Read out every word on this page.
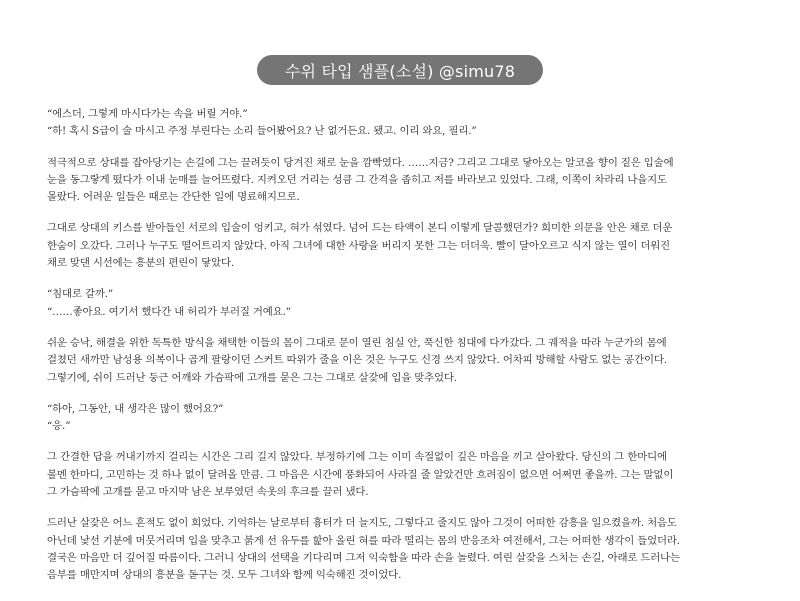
수위 타입 샘플(소설) @simu78
“에스더, 그렇게 마시다가는 속을 버릴 거야.”
“하! 혹시 S급이 술 마시고 주정 부린다는 소리 들어봤어요? 난 없거든요. 됐고. 이리 와요, 필리.”
적극적으로 상대를 잡아당기는 손길에 그는 끌려듯이 당겨진 채로 눈을 깜빡였다. ……지금? 그리고 그대로 닿아오는 알코올 향이 짙은 입술에
눈을 동그랗게 떴다가 이내 눈매를 늘어뜨렸다. 지켜오던 거리는 성큼 그 간격을 좁히고 저를 바라보고 있었다. 그래, 이쪽이 차라리 나을지도
몰랐다. 어려운 일들은 때로는 간단한 일에 명료해지므로.
그대로 상대의 키스를 받아들인 서로의 입술이 엉키고, 혀가 섞였다. 넘어 드는 타액이 본디 이렇게 달콤했던가? 희미한 의문을 안은 채로 더운
한숨이 오갔다. 그러나 누구도 떨어트리지 않았다. 아직 그녀에 대한 사랑을 버리지 못한 그는 더더욱. 빨이 달아오르고 식지 않는 열이 더워진
채로 맞댄 시선에는 흥분의 편린이 닿았다.
“침대로 갈까.”
“……좋아요. 여기서 했다간 내 허리가 부러질 거예요.”
쉬운 승낙, 해결을 위한 독특한 방식을 채택한 이들의 몸이 그대로 문이 열린 침실 안, 푹신한 침대에 다가갔다. 그 궤적을 따라 누군가의 몸에
걸쳤던 새까만 남성용 의복이나 곱게 팔랑이던 스커트 따위가 줄을 이은 것은 누구도 신경 쓰지 않았다. 어차피 방해할 사람도 없는 공간이다.
그렇기에, 쉬이 드러난 둥근 어깨와 가슴팍에 고개를 묻은 그는 그대로 살갗에 입을 맞추었다.
“하아, 그동안, 내 생각은 많이 했어요?”
“응.”
그 간결한 답을 꺼내기까지 걸리는 시간은 그리 길지 않았다. 부정하기에 그는 이미 속절없이 깊은 마음을 끼고 살아왔다. 당신의 그 한마디에
볼멘 한마디, 고민하는 것 하나 없이 달려올 만큼. 그 마음은 시간에 풍화되어 사라질 줄 알았건만 흐려짐이 없으면 어쩌면 좋을까. 그는 말없이
그 가슴팍에 고개를 묻고 마지막 남은 보루였던 속옷의 후크를 끌러 냈다.
드러난 살갗은 어느 흔적도 없이 희었다. 기억하는 날로부터 흉터가 더 늘지도, 그렇다고 줄지도 않아 그것이 어떠한 감흥을 일으켰을까. 처음도
아닌데 낯선 기분에 머뭇거리며 입을 맞추고 붉게 선 유두를 핥아 올린 혀를 따라 떨리는 몸의 반응조차 여전해서, 그는 어떠한 생각이 들었더라.
결국은 마음만 더 깊어질 따름이다. 그러니 상대의 선택을 기다리며 그저 익숙함을 따라 손을 놀렸다. 여린 살갗을 스치는 손길, 아래로 드러나는
음부를 매만지며 상대의 흥분을 돋구는 것. 모두 그녀와 함께 익숙해진 것이었다.
